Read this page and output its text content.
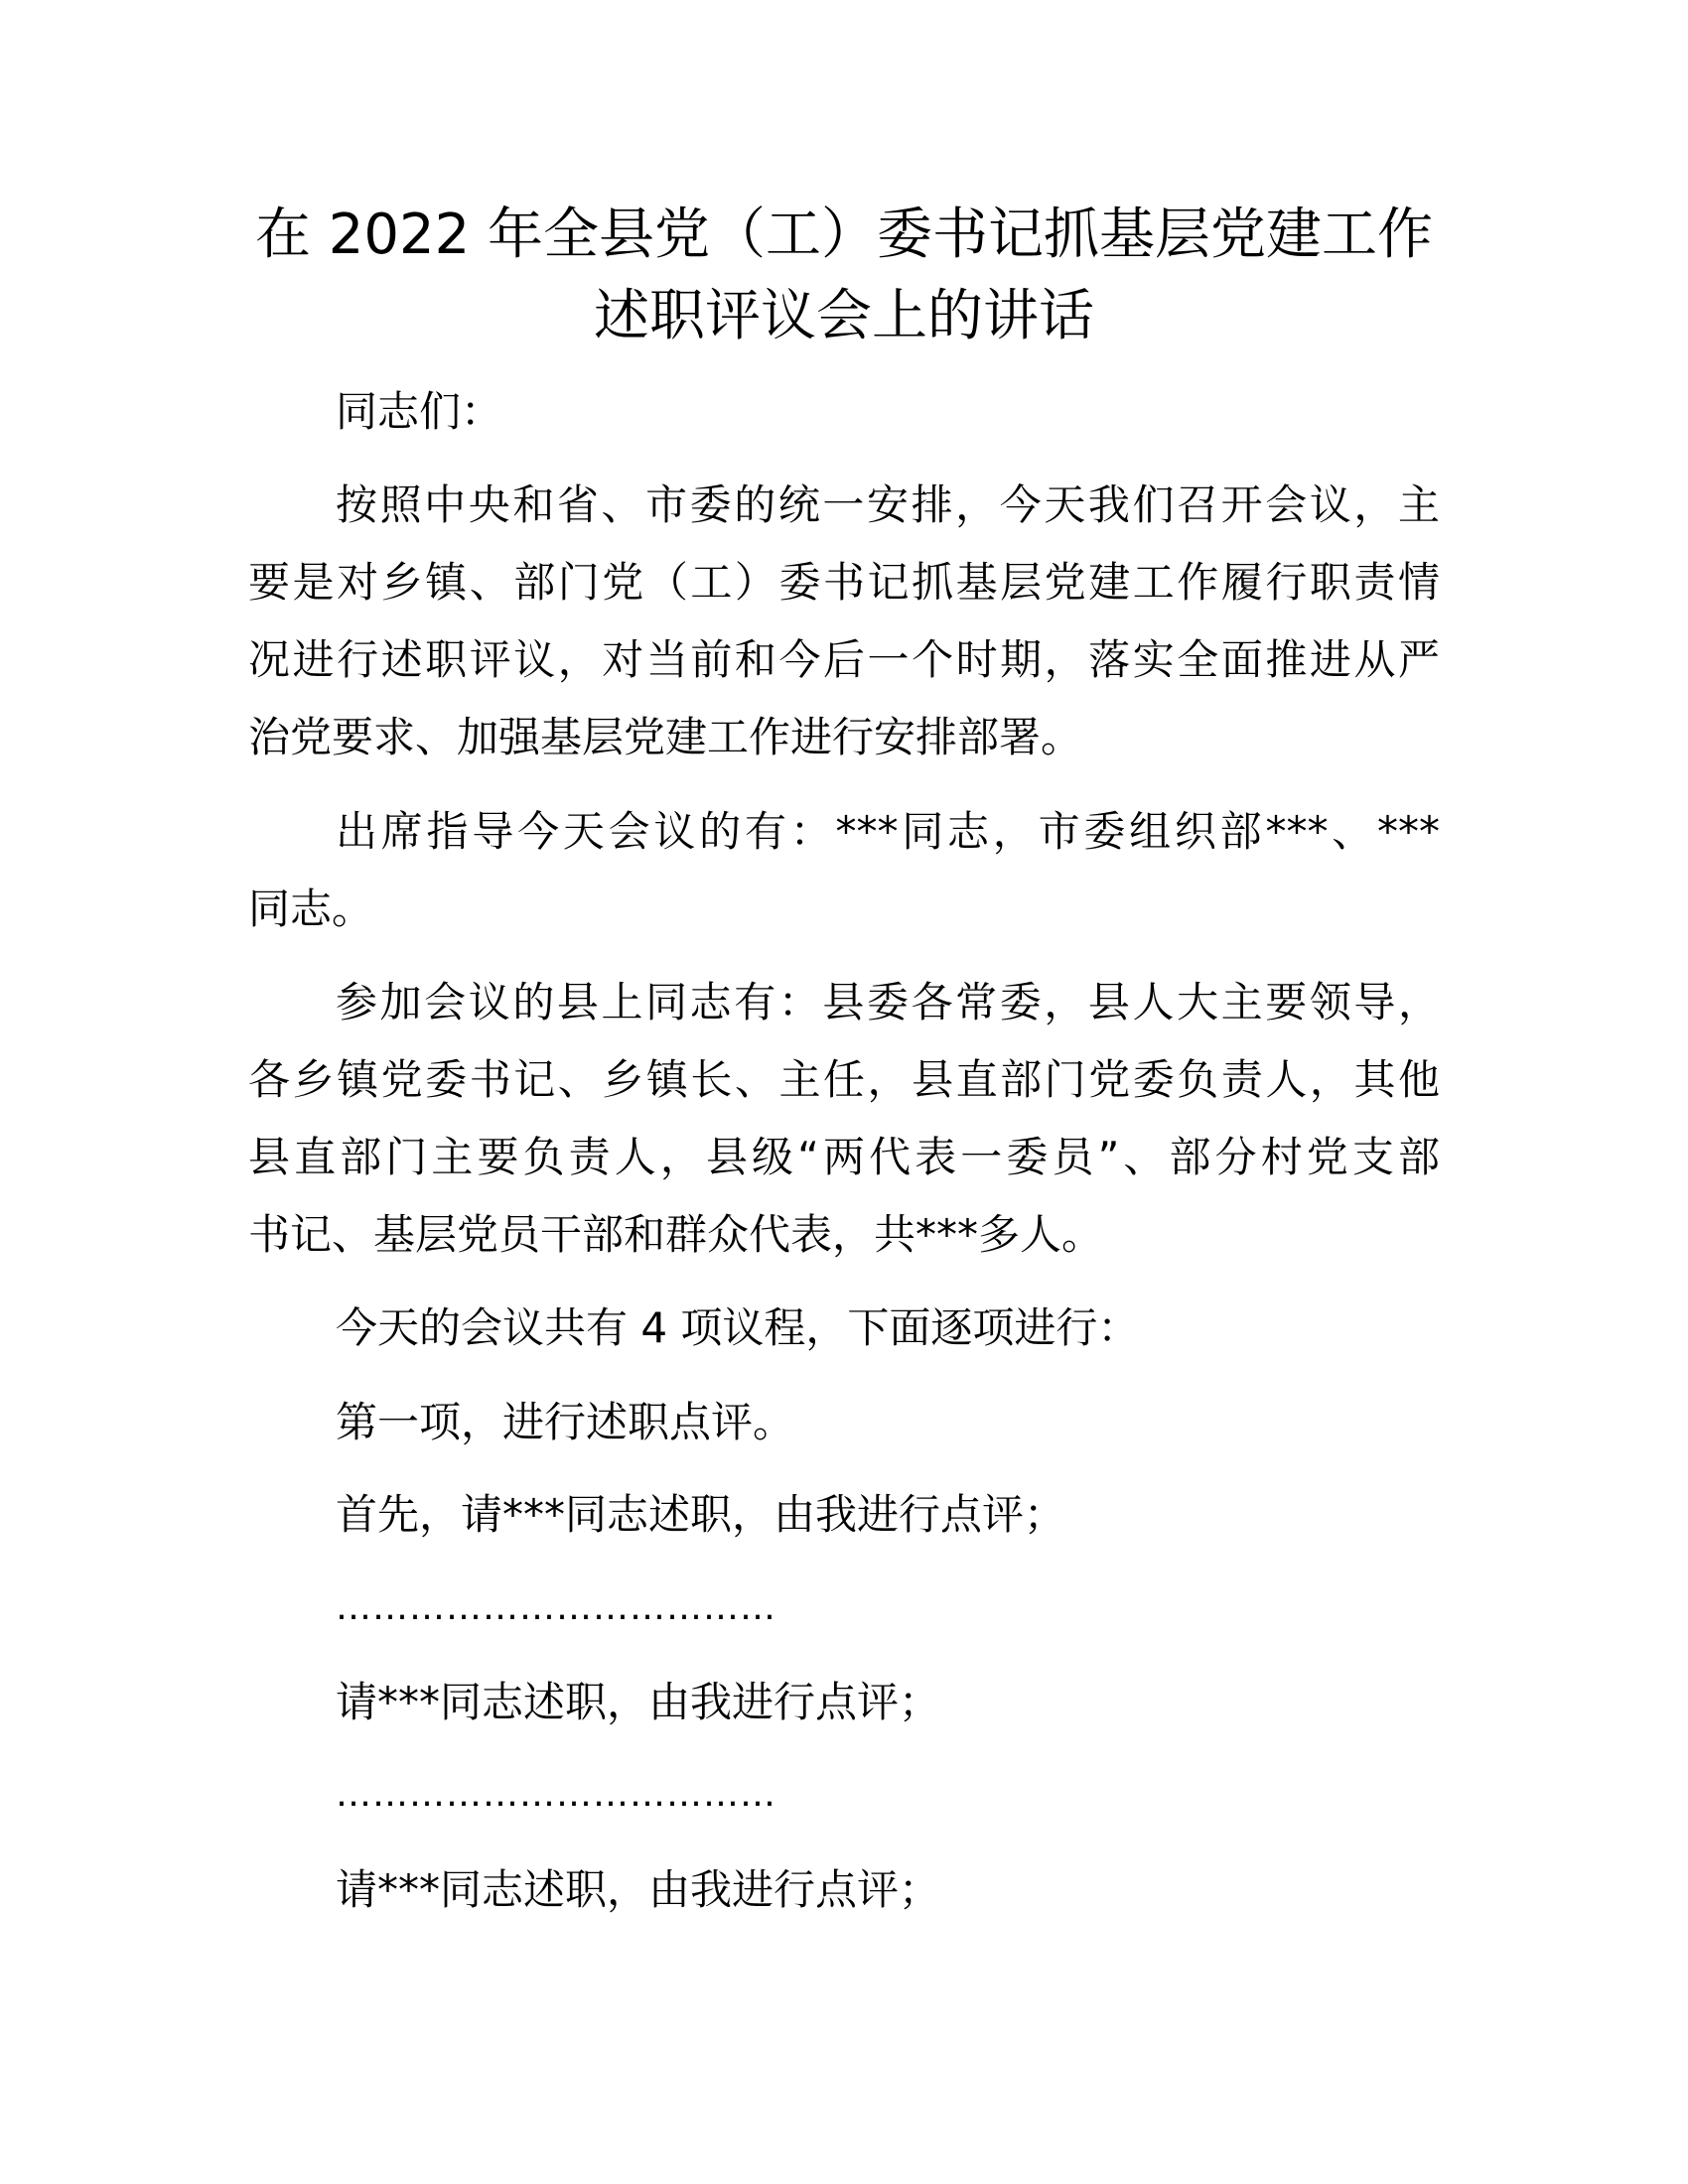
在 2022 年全县党（工）委书记抓基层党建工作
述职评议会上的讲话

同志们：

按照中央和省、市委的统一安排，今天我们召开会议，主

要是对乡镇、部门党（工）委书记抓基层党建工作履行职责情

况进行述职评议，对当前和今后一个时期，落实全面推进从严

治党要求、加强基层党建工作进行安排部署。

出席指导今天会议的有：***同志，市委组织部***、***

同志。

参加会议的县上同志有：县委各常委，县人大主要领导，

各乡镇党委书记、乡镇长、主任，县直部门党委负责人，其他

县直部门主要负责人，县级“两代表一委员”、部分村党支部

书记、基层党员干部和群众代表，共***多人。

今天的会议共有 4 项议程，下面逐项进行：

第一项，进行述职点评。

首先，请***同志述职，由我进行点评；

………………………………

请***同志述职，由我进行点评；

………………………………

请***同志述职，由我进行点评；
